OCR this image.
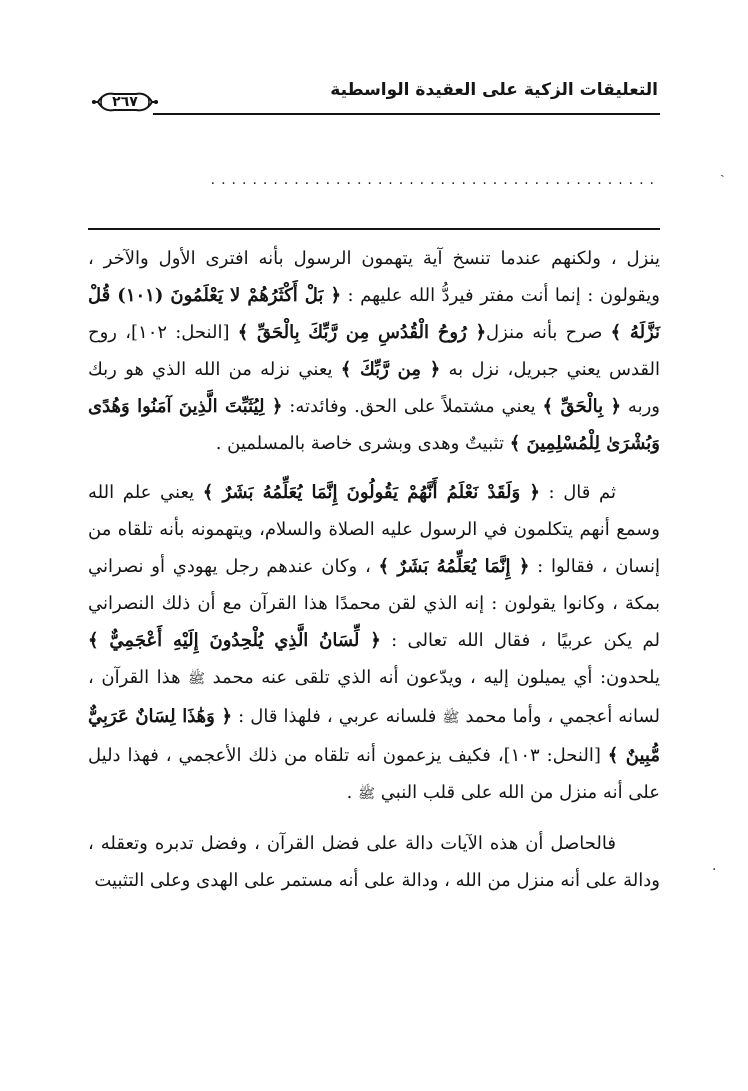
التعليقات الزكية على العقيدة الواسطية
٢٦٧
ˎ
...........................................
·

ينزل ، ولكنهم عندما تنسخ آية يتهمون الرسول بأنه افترى الأول والآخر ، ويقولون : إنما أنت مفتر فيردُّ الله عليهم : ﴿ بَلْ أَكْثَرُهُمْ لا يَعْلَمُونَ (١٠١) قُلْ نَزَّلَهُ ﴾ صرح بأنه منزل﴿ رُوحُ الْقُدُسِ مِن رَّبِّكَ بِالْحَقِّ ﴾ [النحل: ١٠٢]، روح القدس يعني جبريل، نزل به ﴿ مِن رَّبِّكَ ﴾ يعني نزله من الله الذي هو ربك وربه ﴿ بِالْحَقِّ ﴾ يعني مشتملاً على الحق. وفائدته: ﴿ لِيُثَبِّتَ الَّذِينَ آمَنُوا وَهُدًى وَبُشْرَىٰ لِلْمُسْلِمِينَ ﴾ تثبيتٌ وهدى وبشرى خاصة بالمسلمين .

ثم قال : ﴿ وَلَقَدْ نَعْلَمُ أَنَّهُمْ يَقُولُونَ إِنَّمَا يُعَلِّمُهُ بَشَرٌ ﴾ يعني علم الله وسمع أنهم يتكلمون في الرسول عليه الصلاة والسلام، ويتهمونه بأنه تلقاه من إنسان ، فقالوا : ﴿ إِنَّمَا يُعَلِّمُهُ بَشَرٌ ﴾ ، وكان عندهم رجل يهودي أو نصراني بمكة ، وكانوا يقولون : إنه الذي لقن محمدًا هذا القرآن مع أن ذلك النصراني لم يكن عربيًا ، فقال الله تعالى : ﴿ لِّسَانُ الَّذِي يُلْحِدُونَ إِلَيْهِ أَعْجَمِيٌّ ﴾ يلحدون: أي يميلون إليه ، ويدّعون أنه الذي تلقى عنه محمد ﷺ هذا القرآن ، لسانه أعجمي ، وأما محمد ﷺ فلسانه عربي ، فلهذا قال : ﴿ وَهَٰذَا لِسَانٌ عَرَبِيٌّ مُّبِينٌ ﴾ [النحل: ١٠٣]، فكيف يزعمون أنه تلقاه من ذلك الأعجمي ، فهذا دليل على أنه منزل من الله على قلب النبي ﷺ .

فالحاصل أن هذه الآيات دالة على فضل القرآن ، وفضل تدبره وتعقله ، ودالة على أنه منزل من الله ، ودالة على أنه مستمر على الهدى وعلى التثبيت
